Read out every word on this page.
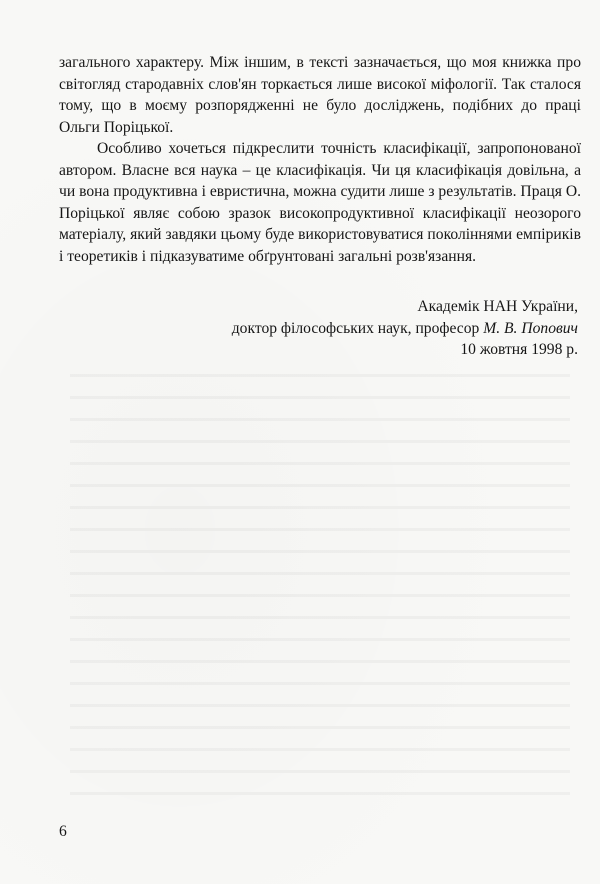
загального характеру. Між іншим, в тексті зазначається, що моя книжка про світогляд стародавніх слов'ян торкається лише високої міфології. Так сталося тому, що в моєму розпорядженні не було досліджень, подібних до праці Ольги Поріцької.

Особливо хочеться підкреслити точність класифікації, запропонованої автором. Власне вся наука – це класифікація. Чи ця класифікація довільна, а чи вона продуктивна і евристична, можна судити лише з результатів. Праця О. Поріцької являє собою зразок високопродуктивної класифікації неозорого матеріалу, який завдяки цьому буде використовуватися поколіннями емпіриків і теоретиків і підказуватиме обґрунтовані загальні розв'язання.

Академік НАН України,
доктор філософських наук, професор М. В. Попович
10 жовтня 1998 р.
6
